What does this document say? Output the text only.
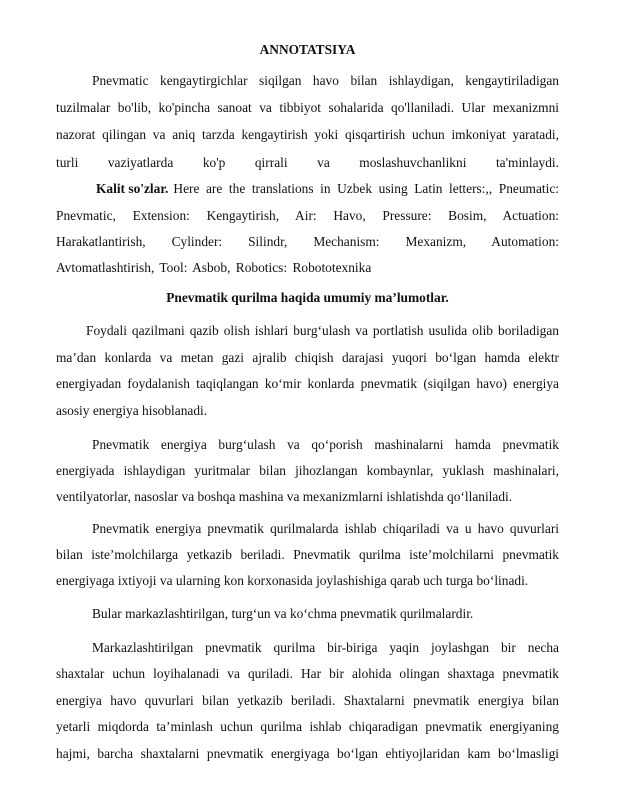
ANNOTATSIYA
Pnevmatic kengaytirgichlar siqilgan havo bilan ishlaydigan, kengaytiriladigan
tuzilmalar bo'lib, ko'pincha sanoat va tibbiyot sohalarida qo'llaniladi. Ular mexanizmni
nazorat qilingan va aniq tarzda kengaytirish yoki qisqartirish uchun imkoniyat yaratadi,
turli vaziyatlarda ko'p qirrali va moslashuvchanlikni ta'minlaydi.
Kalit so'zlar. Here are the translations in Uzbek using Latin letters:,, Pneumatic:
Pnevmatic, Extension: Kengaytirish, Air: Havo, Pressure: Bosim, Actuation:
Harakatlantirish, Cylinder: Silindr, Mechanism: Mexanizm, Automation:
Avtomatlashtirish, Tool: Asbob, Robotics: Robototexnika
Pnevmatik qurilma haqida umumiy ma’lumotlar.
Foydali qazilmani qazib olish ishlari burg‘ulash va portlatish usulida olib boriladigan
ma’dan konlarda va metan gazi ajralib chiqish darajasi yuqori bo‘lgan hamda elektr
energiyadan foydalanish taqiqlangan ko‘mir konlarda pnevmatik (siqilgan havo) energiya
asosiy energiya hisoblanadi.
Pnevmatik energiya burg‘ulash va qo‘porish mashinalarni hamda pnevmatik
energiyada ishlaydigan yuritmalar bilan jihozlangan kombaynlar, yuklash mashinalari,
ventilyatorlar, nasoslar va boshqa mashina va mexanizmlarni ishlatishda qo‘llaniladi.
Pnevmatik energiya pnevmatik qurilmalarda ishlab chiqariladi va u havo quvurlari
bilan iste’molchilarga yetkazib beriladi. Pnevmatik qurilma iste’molchilarni pnevmatik
energiyaga ixtiyoji va ularning kon korxonasida joylashishiga qarab uch turga bo‘linadi.
Bular markazlashtirilgan, turg‘un va ko‘chma pnevmatik qurilmalardir.
Markazlashtirilgan pnevmatik qurilma bir-biriga yaqin joylashgan bir necha
shaxtalar uchun loyihalanadi va quriladi. Har bir alohida olingan shaxtaga pnevmatik
energiya havo quvurlari bilan yetkazib beriladi. Shaxtalarni pnevmatik energiya bilan
yetarli miqdorda ta’minlash uchun qurilma ishlab chiqaradigan pnevmatik energiyaning
hajmi, barcha shaxtalarni pnevmatik energiyaga bo‘lgan ehtiyojlaridan kam bo‘lmasligi
